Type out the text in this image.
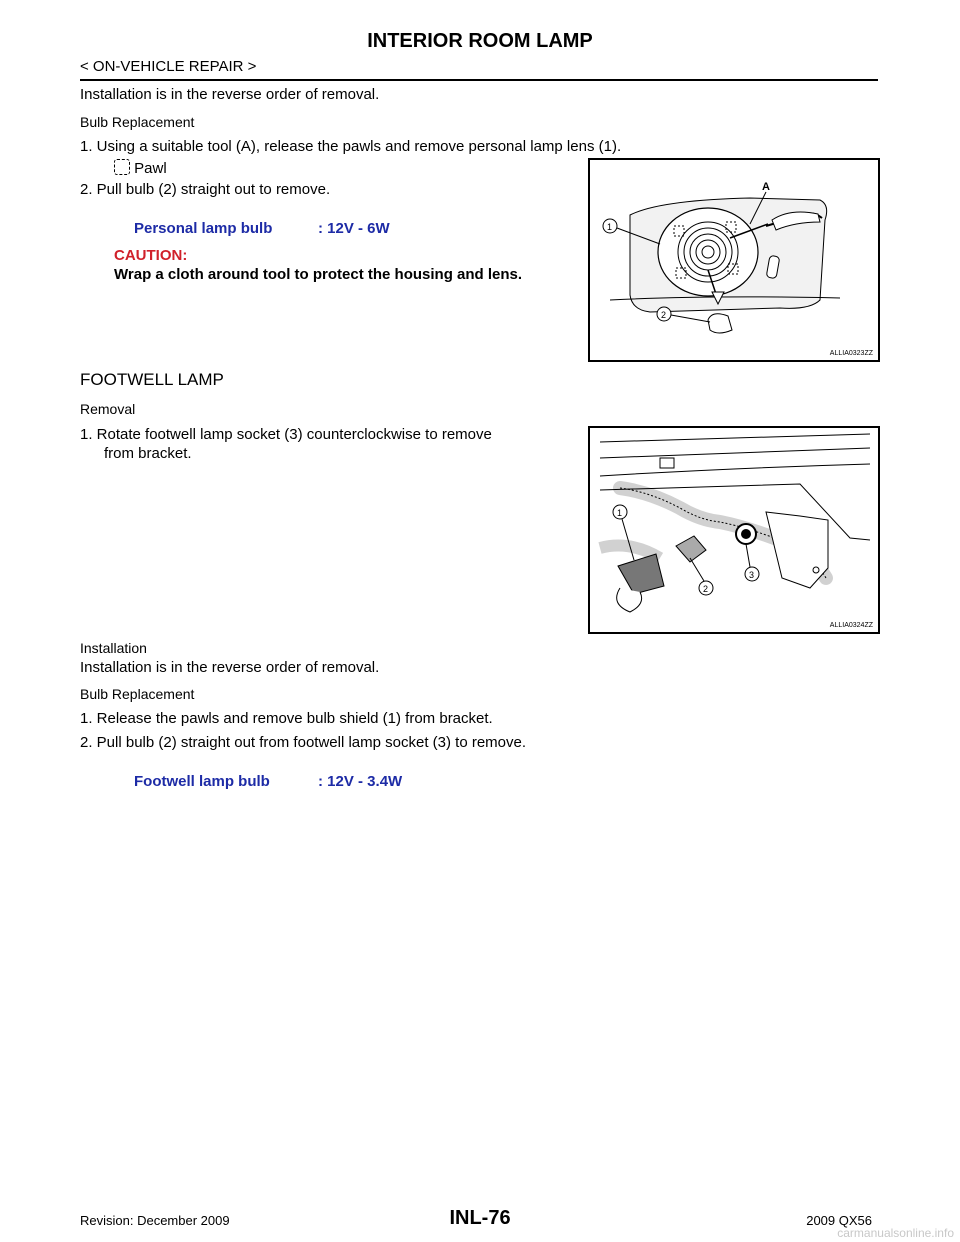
INTERIOR ROOM LAMP
< ON-VEHICLE REPAIR >
Installation is in the reverse order of removal.
Bulb Replacement
1. Using a suitable tool (A), release the pawls and remove personal lamp lens (1).
Pawl
2. Pull bulb (2) straight out to remove.
Personal lamp bulb	: 12V - 6W
CAUTION:
Wrap a cloth around tool to protect the housing and lens.
A
1
2
ALLIA0323ZZ
FOOTWELL LAMP
Removal
1. Rotate footwell lamp socket (3) counterclockwise to remove
from bracket.
1
2
3
ALLIA0324ZZ
Installation
Installation is in the reverse order of removal.
Bulb Replacement
1. Release the pawls and remove bulb shield (1) from bracket.
2. Pull bulb (2) straight out from footwell lamp socket (3) to remove.
Footwell lamp bulb	: 12V - 3.4W
Revision: December 2009	INL-76	2009 QX56
carmanualsonline.info
